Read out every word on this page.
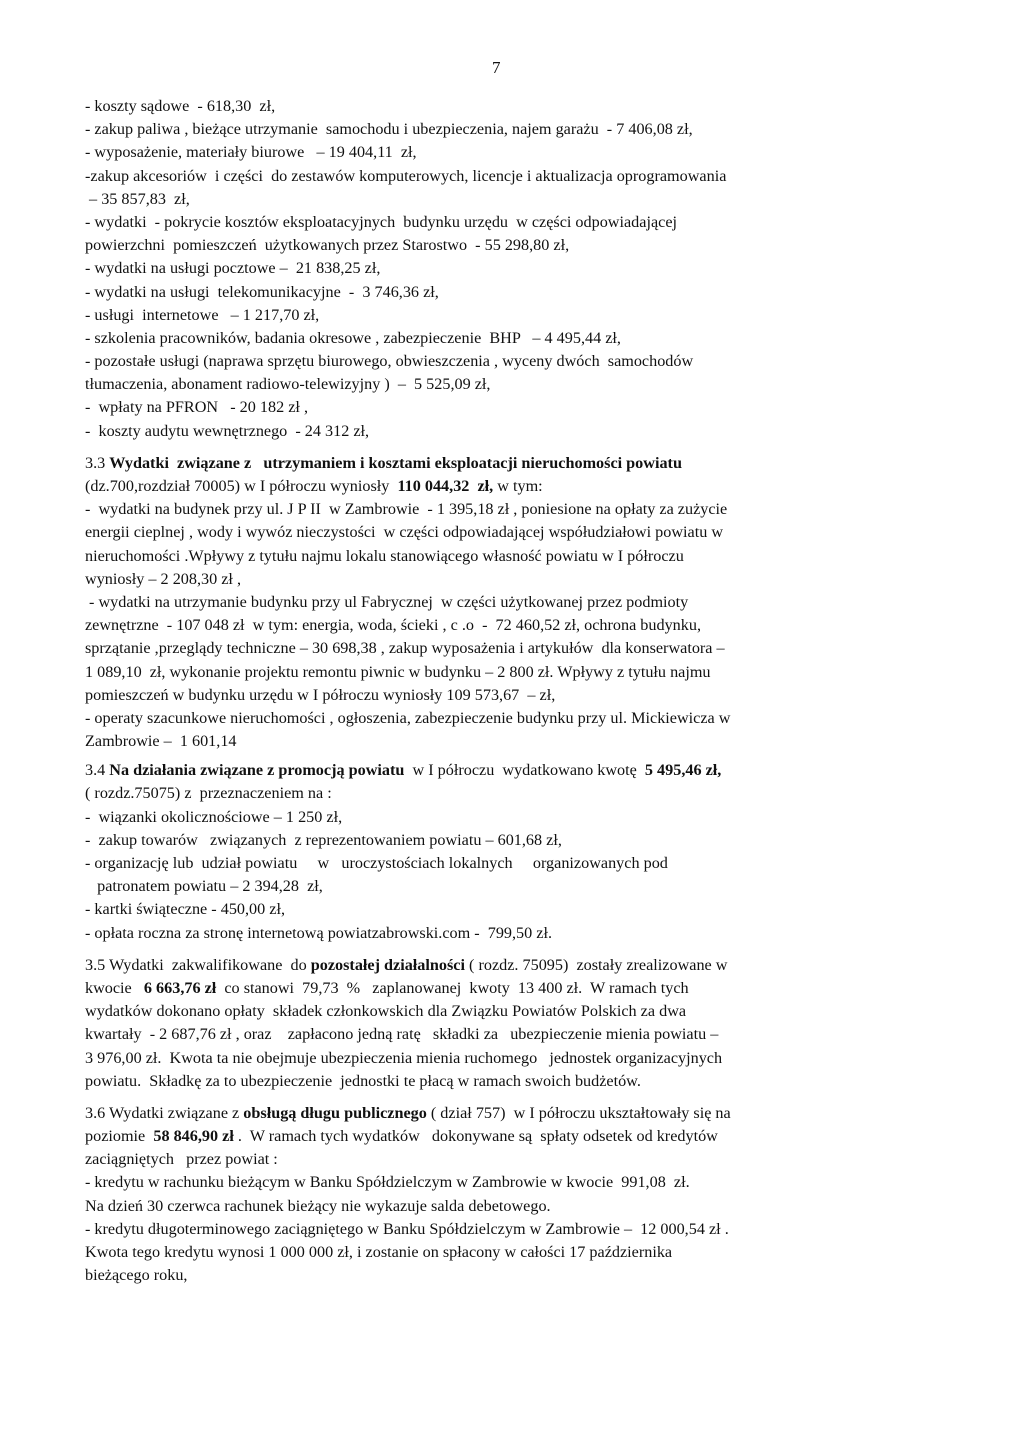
7
- koszty sądowe  - 618,30  zł,
- zakup paliwa , bieżące utrzymanie  samochodu i ubezpieczenia, najem garażu  - 7 406,08 zł,
- wyposażenie, materiały biurowe   – 19 404,11  zł,
-zakup akcesoriów  i części  do zestawów komputerowych, licencje i aktualizacja oprogramowania
– 35 857,83  zł,
- wydatki  - pokrycie kosztów eksploatacyjnych  budynku urzędu  w części odpowiadającej
powierzchni  pomieszczeń  użytkowanych przez Starostwo  - 55 298,80 zł,
- wydatki na usługi pocztowe –  21 838,25 zł,
- wydatki na usługi  telekomunikacyjne  -  3 746,36 zł,
- usługi  internetowe   – 1 217,70 zł,
- szkolenia pracowników, badania okresowe , zabezpieczenie  BHP   – 4 495,44 zł,
- pozostałe usługi (naprawa sprzętu biurowego, obwieszczenia , wyceny dwóch  samochodów
tłumaczenia, abonament radiowo-telewizyjny )  –  5 525,09 zł,
-  wpłaty na PFRON   - 20 182 zł ,
-  koszty audytu wewnętrznego  - 24 312 zł,
3.3 Wydatki  związane z   utrzymaniem i kosztami eksploatacji nieruchomości powiatu
(dz.700,rozdział 70005) w I półroczu wyniosły  110 044,32  zł, w tym:
-  wydatki na budynek przy ul. J P II  w Zambrowie  - 1 395,18 zł , poniesione na opłaty za zużycie
energii cieplnej , wody i wywóz nieczystości  w części odpowiadającej współudziałowi powiatu w
nieruchomości .Wpływy z tytułu najmu lokalu stanowiącego własność powiatu w I półroczu
wyniosły – 2 208,30 zł ,
- wydatki na utrzymanie budynku przy ul Fabrycznej  w części użytkowanej przez podmioty
zewnętrzne  - 107 048 zł  w tym: energia, woda, ścieki , c .o  -  72 460,52 zł, ochrona budynku,
sprzątanie ,przeglądy techniczne – 30 698,38 , zakup wyposażenia i artykułów  dla konserwatora –
1 089,10  zł, wykonanie projektu remontu piwnic w budynku – 2 800 zł. Wpływy z tytułu najmu
pomieszczeń w budynku urzędu w I półroczu wyniosły 109 573,67  – zł,
- operaty szacunkowe nieruchomości , ogłoszenia, zabezpieczenie budynku przy ul. Mickiewicza w
Zambrowie –  1 601,14
3.4 Na działania związane z promocją powiatu  w I półroczu  wydatkowano kwotę  5 495,46 zł,
( rozdz.75075) z  przeznaczeniem na :
-  wiązanki okolicznościowe – 1 250 zł,
-  zakup towarów   związanych  z reprezentowaniem powiatu – 601,68 zł,
- organizację lub  udział powiatu     w   uroczystościach lokalnych     organizowanych pod
patronatem powiatu – 2 394,28  zł,
- kartki świąteczne - 450,00 zł,
- opłata roczna za stronę internetową powiatzabrowski.com -  799,50 zł.
3.5 Wydatki  zakwalifikowane  do pozostałej działalności ( rozdz. 75095)  zostały zrealizowane w
kwocie   6 663,76 zł  co stanowi  79,73  %   zaplanowanej  kwoty  13 400 zł.  W ramach tych
wydatków dokonano opłaty  składek członkowskich dla Związku Powiatów Polskich za dwa
kwartały  - 2 687,76 zł , oraz    zapłacono jedną ratę   składki za   ubezpieczenie mienia powiatu –
3 976,00 zł.  Kwota ta nie obejmuje ubezpieczenia mienia ruchomego   jednostek organizacyjnych
powiatu.  Składkę za to ubezpieczenie  jednostki te płacą w ramach swoich budżetów.
3.6 Wydatki związane z obsługą długu publicznego ( dział 757)  w I półroczu ukształtowały się na
poziomie  58 846,90 zł .  W ramach tych wydatków   dokonywane są  spłaty odsetek od kredytów
zaciągniętych   przez powiat :
- kredytu w rachunku bieżącym w Banku Spółdzielczym w Zambrowie w kwocie  991,08  zł.
Na dzień 30 czerwca rachunek bieżący nie wykazuje salda debetowego.
- kredytu długoterminowego zaciągniętego w Banku Spółdzielczym w Zambrowie –  12 000,54 zł .
Kwota tego kredytu wynosi 1 000 000 zł, i zostanie on spłacony w całości 17 października
bieżącego roku,
